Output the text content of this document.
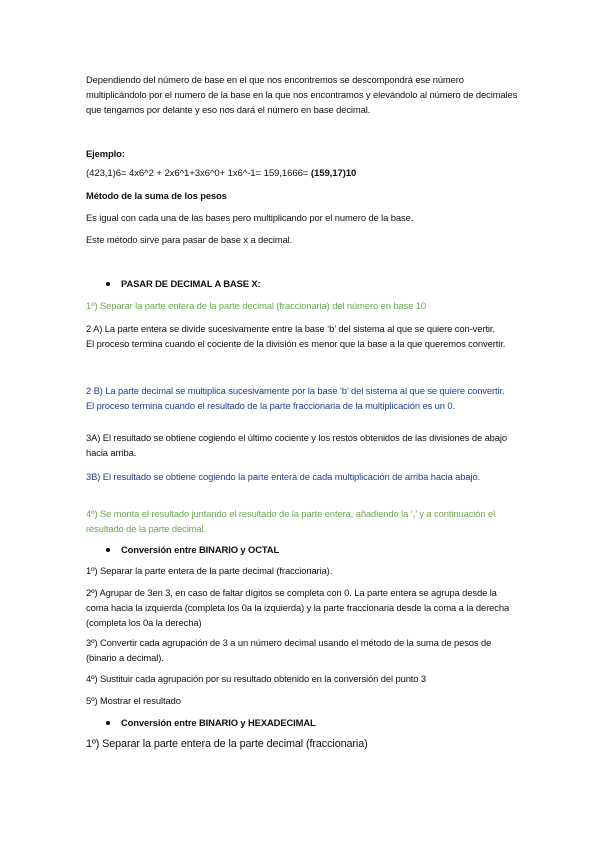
Dependiendo del número de base en el que nos encontremos se descompondrá ese número multiplicándolo por el numero de la base en la que nos encontramos y elevándolo al número de decimales que tengamos por delante y eso nos dará el número en base decimal.

Ejemplo:

(423,1)6= 4x6^2 + 2x6^1+3x6^0+ 1x6^-1= 159,1666= (159,17)10

Método de la suma de los pesos

Es igual con cada una de las bases pero multiplicando por el numero de la base.

Este método sirve para pasar de base x a decimal.

PASAR DE DECIMAL A BASE X:

1º) Separar la parte entera de la parte decimal (fraccionaria) del número en base 10

2 A) La parte entera se divide sucesivamente entre la base ‘b’ del sistema al que se quiere con-vertir.
El proceso termina cuando el cociente de la división es menor que la base a la que queremos convertir.

2 B) La parte decimal se multiplica sucesivamente por la base ‘b’ del sistema al que se quiere convertir.
El proceso termina cuando el resultado de la parte fraccionaria de la multiplicación es un 0.

3A) El resultado se obtiene cogiendo el último cociente y los restos obtenidos de las divisiones de abajo hacia arriba.

3B) El resultado se obtiene cogiendo la parte entera de cada multiplicación de arriba hacia abajo.

4º) Se monta el resultado juntando el resultado de la parte entera, añadiendo la ‘,’ y a continuación el resultado de la parte decimal.

Conversión entre BINARIO y OCTAL

1º) Separar la parte entera de la parte decimal (fraccionaria).

2º) Agrupar de 3en 3, en caso de faltar dígitos se completa con 0. La parte entera se agrupa desde la coma hacia la izquierda (completa los 0a la izquierda) y la parte fraccionaria desde la coma a la derecha (completa los 0a la derecha)

3º) Convertir cada agrupación de 3 a un número decimal usando el método de la suma de pesos de (binario a decimal).

4º) Sustituir cada agrupación por su resultado obtenido en la conversión del punto 3

5º) Mostrar el resultado

Conversión entre BINARIO y HEXADECIMAL

1º) Separar la parte entera de la parte decimal (fraccionaria)
